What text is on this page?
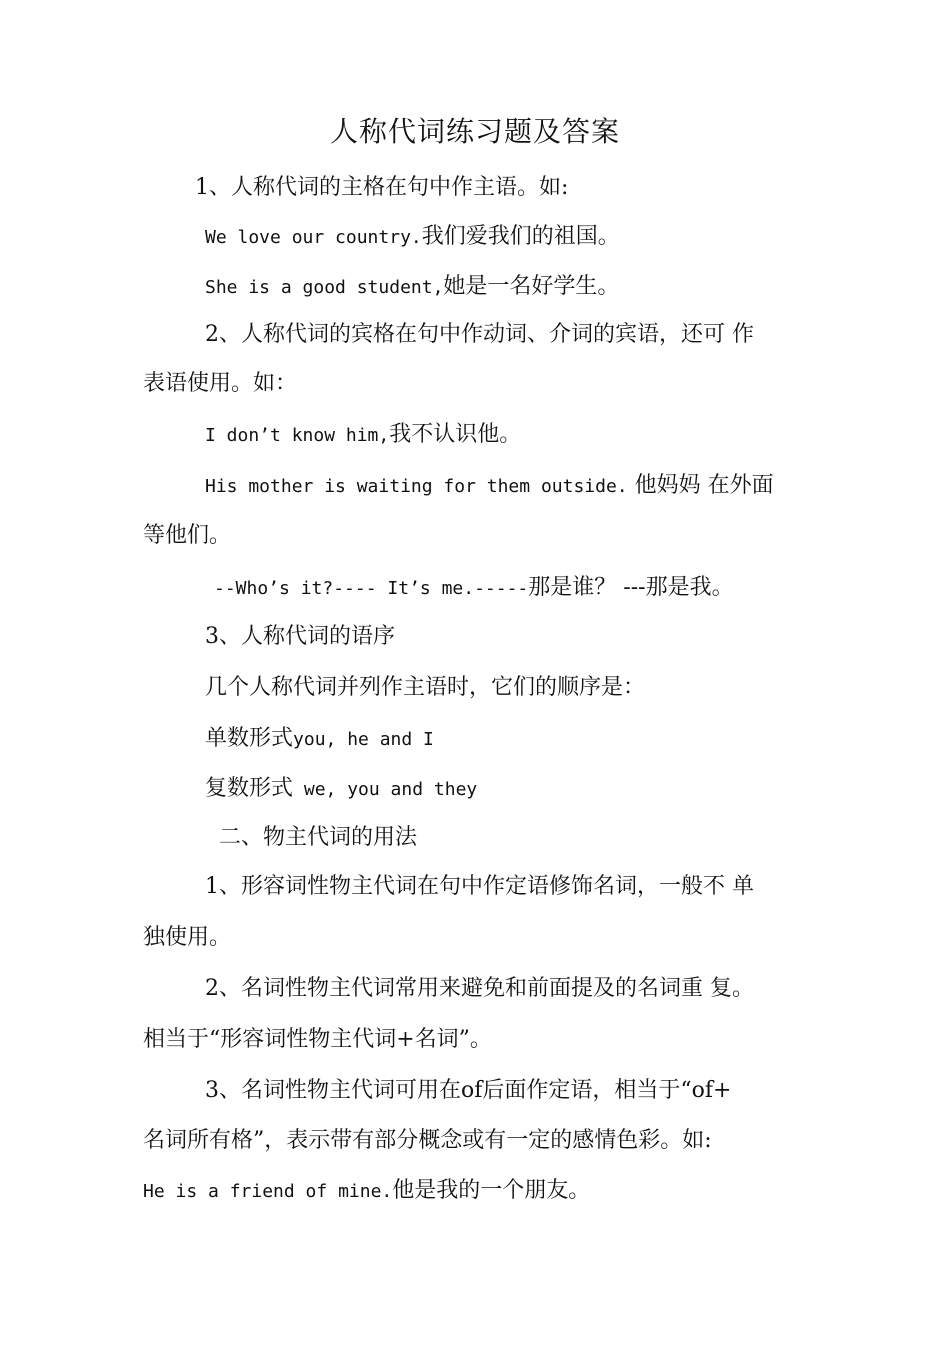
人称代词练习题及答案
1、人称代词的主格在句中作主语。如:
We love our country.我们爱我们的祖国。
She is a good student,她是一名好学生。
2、人称代词的宾格在句中作动词、介词的宾语，还可 作
表语使用。如：
I don’t know him,我不认识他。
His mother is waiting for them outside. 他妈妈 在外面
等他们。
--Who’s it?---- It’s me.-----那是谁？ ---那是我。
3、人称代词的语序
几个人称代词并列作主语时，它们的顺序是：
单数形式you, he and I
复数形式 we, you and they
二、物主代词的用法
1、形容词性物主代词在句中作定语修饰名词，一般不 单
独使用。
2、名词性物主代词常用来避免和前面提及的名词重 复。
相当于“形容词性物主代词+名词”。
3、名词性物主代词可用在of后面作定语，相当于“of+
名词所有格”，表示带有部分概念或有一定的感情色彩。如:
He is a friend of mine.他是我的一个朋友。
